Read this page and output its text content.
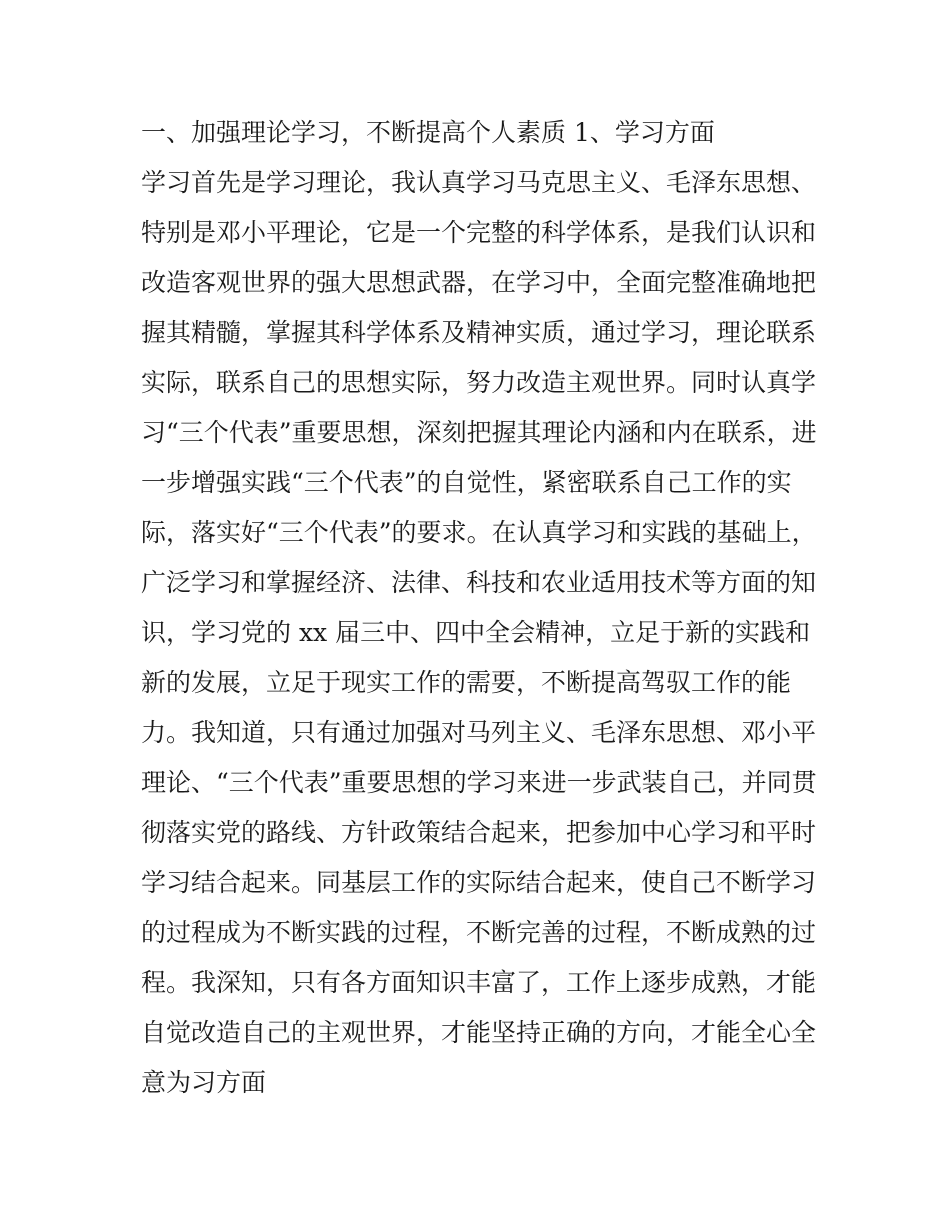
一、加强理论学习，不断提高个人素质 1、学习方面
学习首先是学习理论，我认真学习马克思主义、毛泽东思想、
特别是邓小平理论，它是一个完整的科学体系，是我们认识和
改造客观世界的强大思想武器，在学习中，全面完整准确地把
握其精髓，掌握其科学体系及精神实质，通过学习，理论联系
实际，联系自己的思想实际，努力改造主观世界。同时认真学
习“三个代表”重要思想，深刻把握其理论内涵和内在联系，进
一步增强实践“三个代表”的自觉性，紧密联系自己工作的实
际，落实好“三个代表”的要求。在认真学习和实践的基础上，
广泛学习和掌握经济、法律、科技和农业适用技术等方面的知
识，学习党的 xx 届三中、四中全会精神，立足于新的实践和
新的发展，立足于现实工作的需要，不断提高驾驭工作的能
力。我知道，只有通过加强对马列主义、毛泽东思想、邓小平
理论、“三个代表”重要思想的学习来进一步武装自己，并同贯
彻落实党的路线、方针政策结合起来，把参加中心学习和平时
学习结合起来。同基层工作的实际结合起来，使自己不断学习
的过程成为不断实践的过程，不断完善的过程，不断成熟的过
程。我深知，只有各方面知识丰富了，工作上逐步成熟，才能
自觉改造自己的主观世界，才能坚持正确的方向，才能全心全
意为习方面
